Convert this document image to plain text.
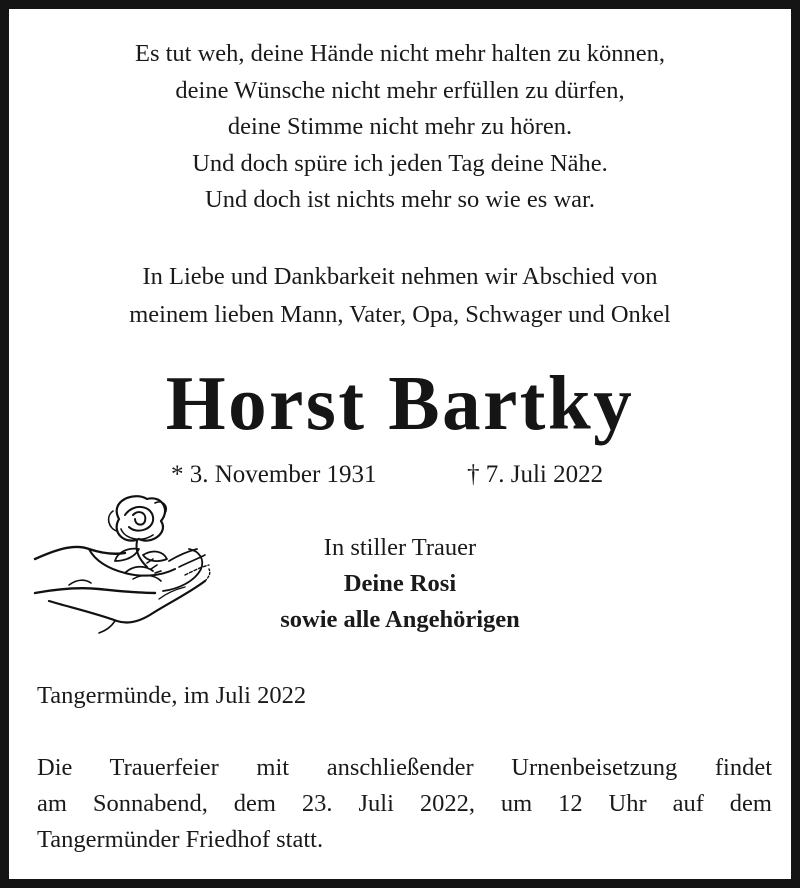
Es tut weh, deine Hände nicht mehr halten zu können,
deine Wünsche nicht mehr erfüllen zu dürfen,
deine Stimme nicht mehr zu hören.
Und doch spüre ich jeden Tag deine Nähe.
Und doch ist nichts mehr so wie es war.
In Liebe und Dankbarkeit nehmen wir Abschied von
meinem lieben Mann, Vater, Opa, Schwager und Onkel
Horst Bartky
* 3. November 1931	† 7. Juli 2022
In stiller Trauer
Deine Rosi
sowie alle Angehörigen
Tangermünde, im Juli 2022
Die Trauerfeier mit anschließender Urnenbeisetzung findet
am Sonnabend, dem 23. Juli 2022, um 12 Uhr auf dem
Tangermünder Friedhof statt.
